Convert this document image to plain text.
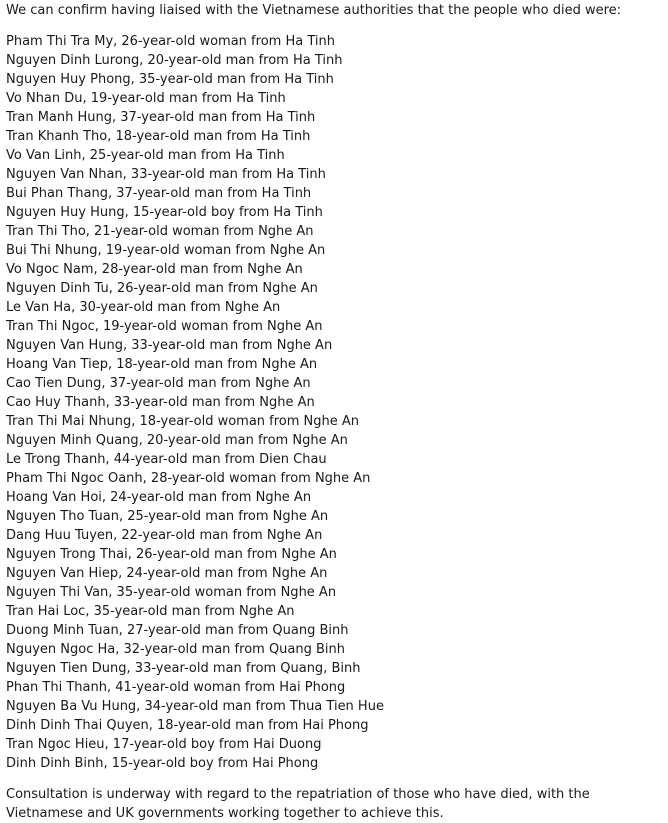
We can confirm having liaised with the Vietnamese authorities that the people who died were:

Pham Thi Tra My, 26-year-old woman from Ha Tinh
Nguyen Dinh Lurong, 20-year-old man from Ha Tinh
Nguyen Huy Phong, 35-year-old man from Ha Tinh
Vo Nhan Du, 19-year-old man from Ha Tinh
Tran Manh Hung, 37-year-old man from Ha Tinh
Tran Khanh Tho, 18-year-old man from Ha Tinh
Vo Van Linh, 25-year-old man from Ha Tinh
Nguyen Van Nhan, 33-year-old man from Ha Tinh
Bui Phan Thang, 37-year-old man from Ha Tinh
Nguyen Huy Hung, 15-year-old boy from Ha Tinh
Tran Thi Tho, 21-year-old woman from Nghe An
Bui Thi Nhung, 19-year-old woman from Nghe An
Vo Ngoc Nam, 28-year-old man from Nghe An
Nguyen Dinh Tu, 26-year-old man from Nghe An
Le Van Ha, 30-year-old man from Nghe An
Tran Thi Ngoc, 19-year-old woman from Nghe An
Nguyen Van Hung, 33-year-old man from Nghe An
Hoang Van Tiep, 18-year-old man from Nghe An
Cao Tien Dung, 37-year-old man from Nghe An
Cao Huy Thanh, 33-year-old man from Nghe An
Tran Thi Mai Nhung, 18-year-old woman from Nghe An
Nguyen Minh Quang, 20-year-old man from Nghe An
Le Trong Thanh, 44-year-old man from Dien Chau
Pham Thi Ngoc Oanh, 28-year-old woman from Nghe An
Hoang Van Hoi, 24-year-old man from Nghe An
Nguyen Tho Tuan, 25-year-old man from Nghe An
Dang Huu Tuyen, 22-year-old man from Nghe An
Nguyen Trong Thai, 26-year-old man from Nghe An
Nguyen Van Hiep, 24-year-old man from Nghe An
Nguyen Thi Van, 35-year-old woman from Nghe An
Tran Hai Loc, 35-year-old man from Nghe An
Duong Minh Tuan, 27-year-old man from Quang Binh
Nguyen Ngoc Ha, 32-year-old man from Quang Binh
Nguyen Tien Dung, 33-year-old man from Quang, Binh
Phan Thi Thanh, 41-year-old woman from Hai Phong
Nguyen Ba Vu Hung, 34-year-old man from Thua Tien Hue
Dinh Dinh Thai Quyen, 18-year-old man from Hai Phong
Tran Ngoc Hieu, 17-year-old boy from Hai Duong
Dinh Dinh Binh, 15-year-old boy from Hai Phong

Consultation is underway with regard to the repatriation of those who have died, with the Vietnamese and UK governments working together to achieve this.
